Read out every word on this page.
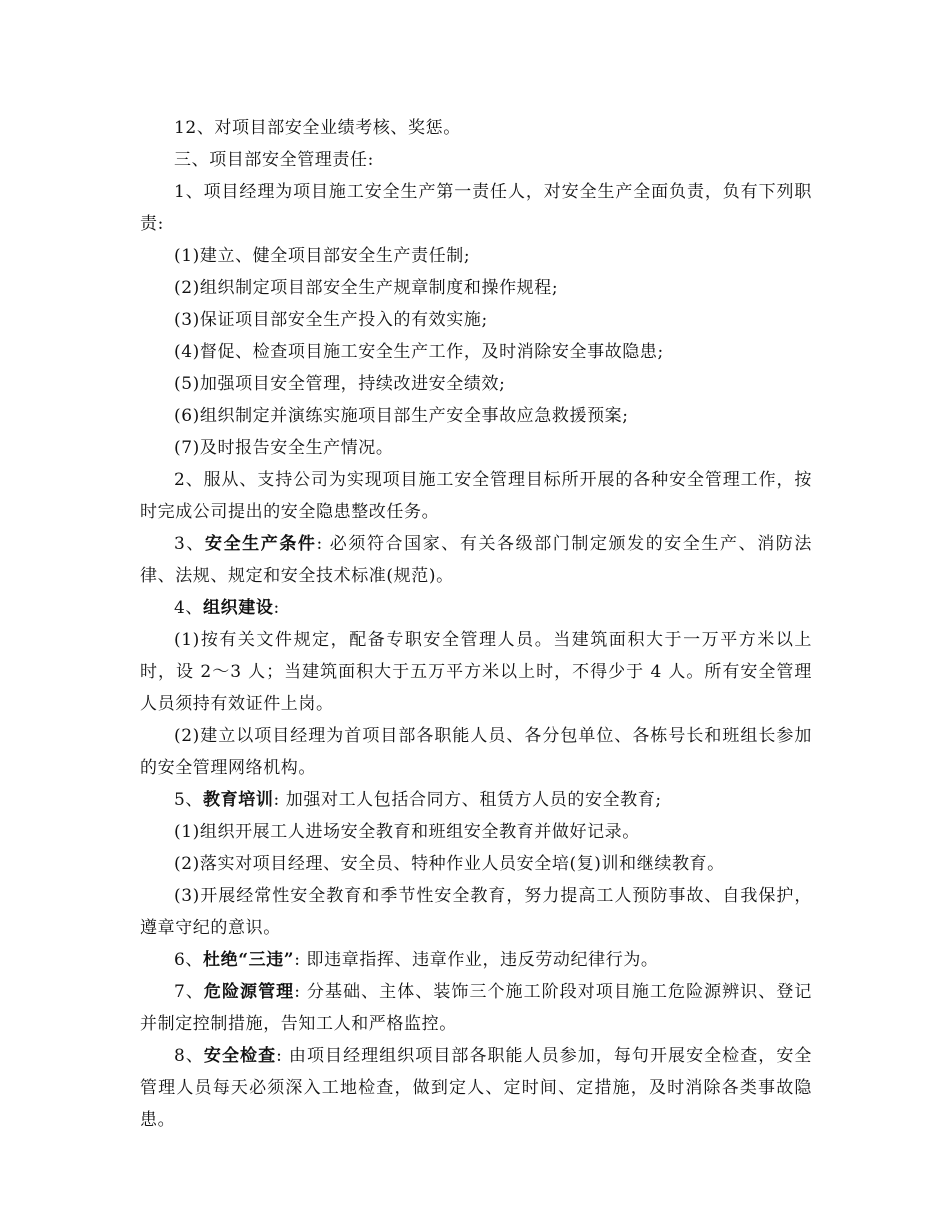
12、对项目部安全业绩考核、奖惩。

三、项目部安全管理责任:

1、项目经理为项目施工安全生产第一责任人，对安全生产全面负责，负有下列职责:

(1)建立、健全项目部安全生产责任制;

(2)组织制定项目部安全生产规章制度和操作规程;

(3)保证项目部安全生产投入的有效实施;

(4)督促、检查项目施工安全生产工作，及时消除安全事故隐患;

(5)加强项目安全管理，持续改进安全绩效;

(6)组织制定并演练实施项目部生产安全事故应急救援预案;

(7)及时报告安全生产情况。

2、服从、支持公司为实现项目施工安全管理目标所开展的各种安全管理工作，按时完成公司提出的安全隐患整改任务。

3、安全生产条件: 必须符合国家、有关各级部门制定颁发的安全生产、消防法律、法规、规定和安全技术标准(规范)。

4、组织建设:

(1)按有关文件规定，配备专职安全管理人员。当建筑面积大于一万平方米以上时，设 2～3 人；当建筑面积大于五万平方米以上时，不得少于 4 人。所有安全管理人员须持有效证件上岗。

(2)建立以项目经理为首项目部各职能人员、各分包单位、各栋号长和班组长参加的安全管理网络机构。

5、教育培训: 加强对工人包括合同方、租赁方人员的安全教育;

(1)组织开展工人进场安全教育和班组安全教育并做好记录。

(2)落实对项目经理、安全员、特种作业人员安全培(复)训和继续教育。

(3)开展经常性安全教育和季节性安全教育，努力提高工人预防事故、自我保护，遵章守纪的意识。

6、杜绝“三违”: 即违章指挥、违章作业，违反劳动纪律行为。

7、危险源管理: 分基础、主体、装饰三个施工阶段对项目施工危险源辨识、登记并制定控制措施，告知工人和严格监控。

8、安全检查: 由项目经理组织项目部各职能人员参加，每句开展安全检查，安全管理人员每天必须深入工地检查，做到定人、定时间、定措施，及时消除各类事故隐患。
